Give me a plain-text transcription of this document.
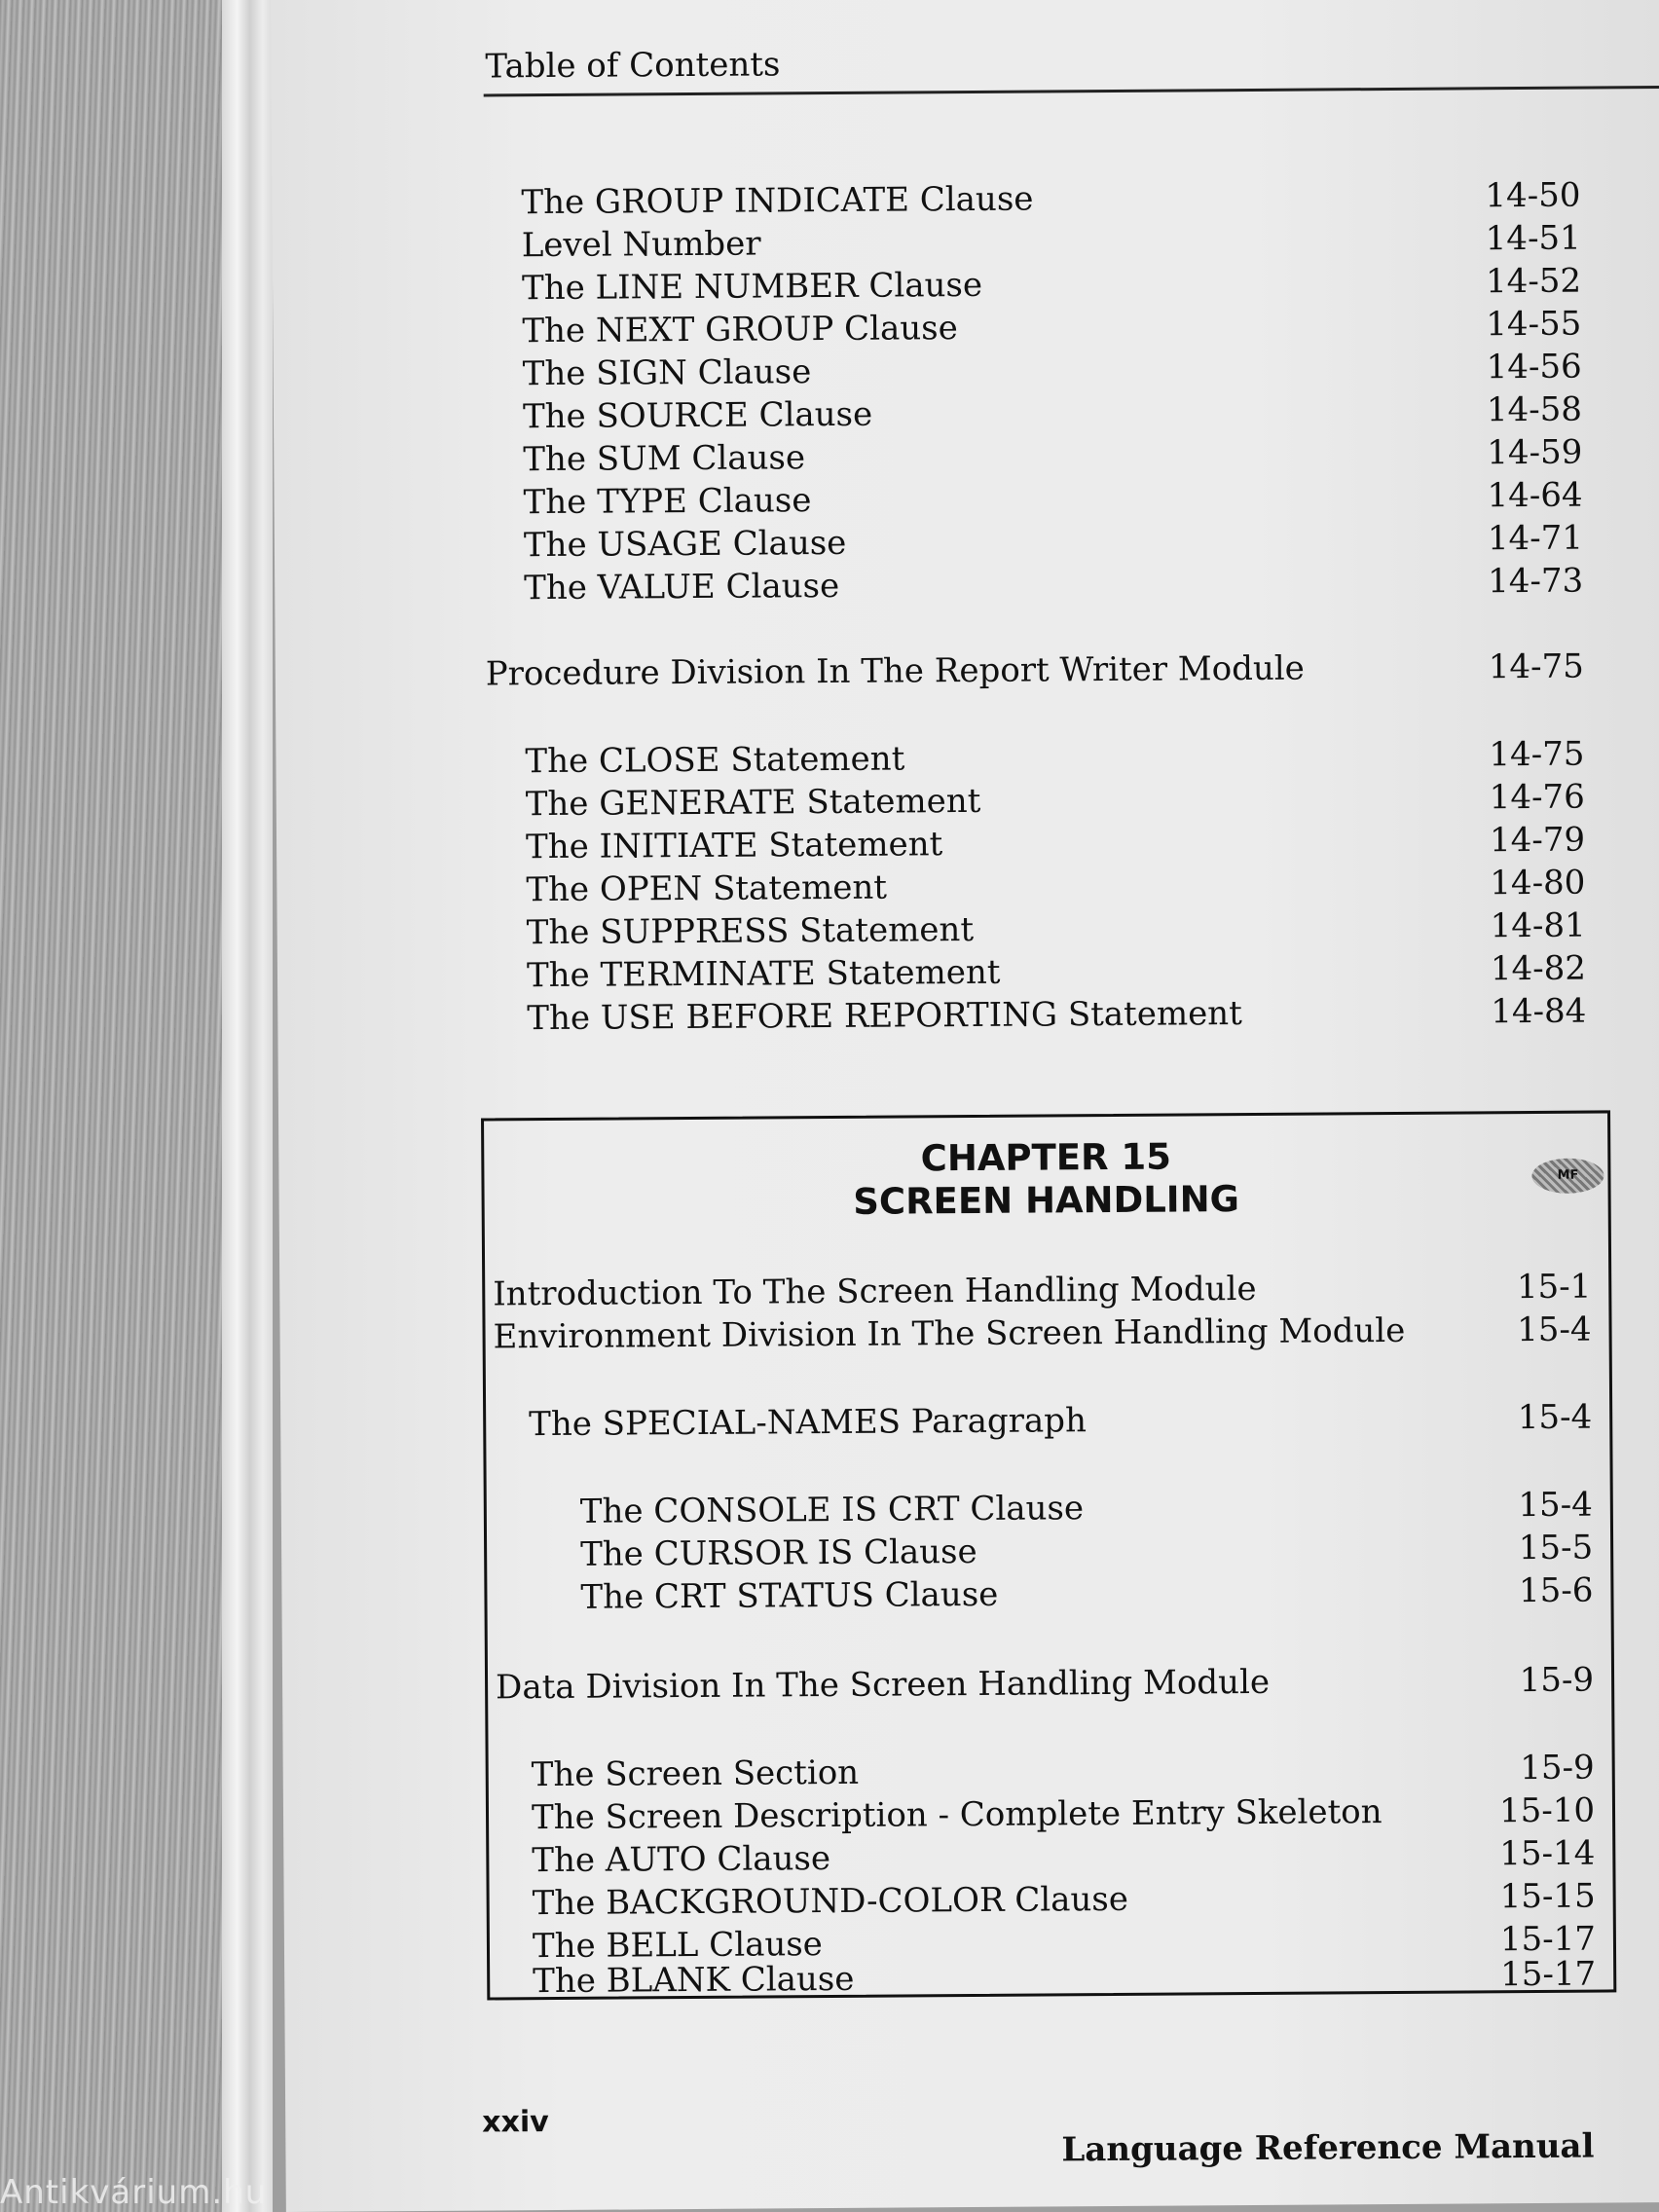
Table of Contents
The GROUP INDICATE Clause	14-50
Level Number	14-51
The LINE NUMBER Clause	14-52
The NEXT GROUP Clause	14-55
The SIGN Clause	14-56
The SOURCE Clause	14-58
The SUM Clause	14-59
The TYPE Clause	14-64
The USAGE Clause	14-71
The VALUE Clause	14-73
Procedure Division In The Report Writer Module	14-75
The CLOSE Statement	14-75
The GENERATE Statement	14-76
The INITIATE Statement	14-79
The OPEN Statement	14-80
The SUPPRESS Statement	14-81
The TERMINATE Statement	14-82
The USE BEFORE REPORTING Statement	14-84
CHAPTER 15
SCREEN HANDLING
MF
Introduction To The Screen Handling Module	15-1
Environment Division In The Screen Handling Module	15-4
The SPECIAL-NAMES Paragraph	15-4
The CONSOLE IS CRT Clause	15-4
The CURSOR IS Clause	15-5
The CRT STATUS Clause	15-6
Data Division In The Screen Handling Module	15-9
The Screen Section	15-9
The Screen Description - Complete Entry Skeleton	15-10
The AUTO Clause	15-14
The BACKGROUND-COLOR Clause	15-15
The BELL Clause	15-17
The BLANK Clause	15-17
xxiv
Language Reference Manual
Antikvárium.hu
